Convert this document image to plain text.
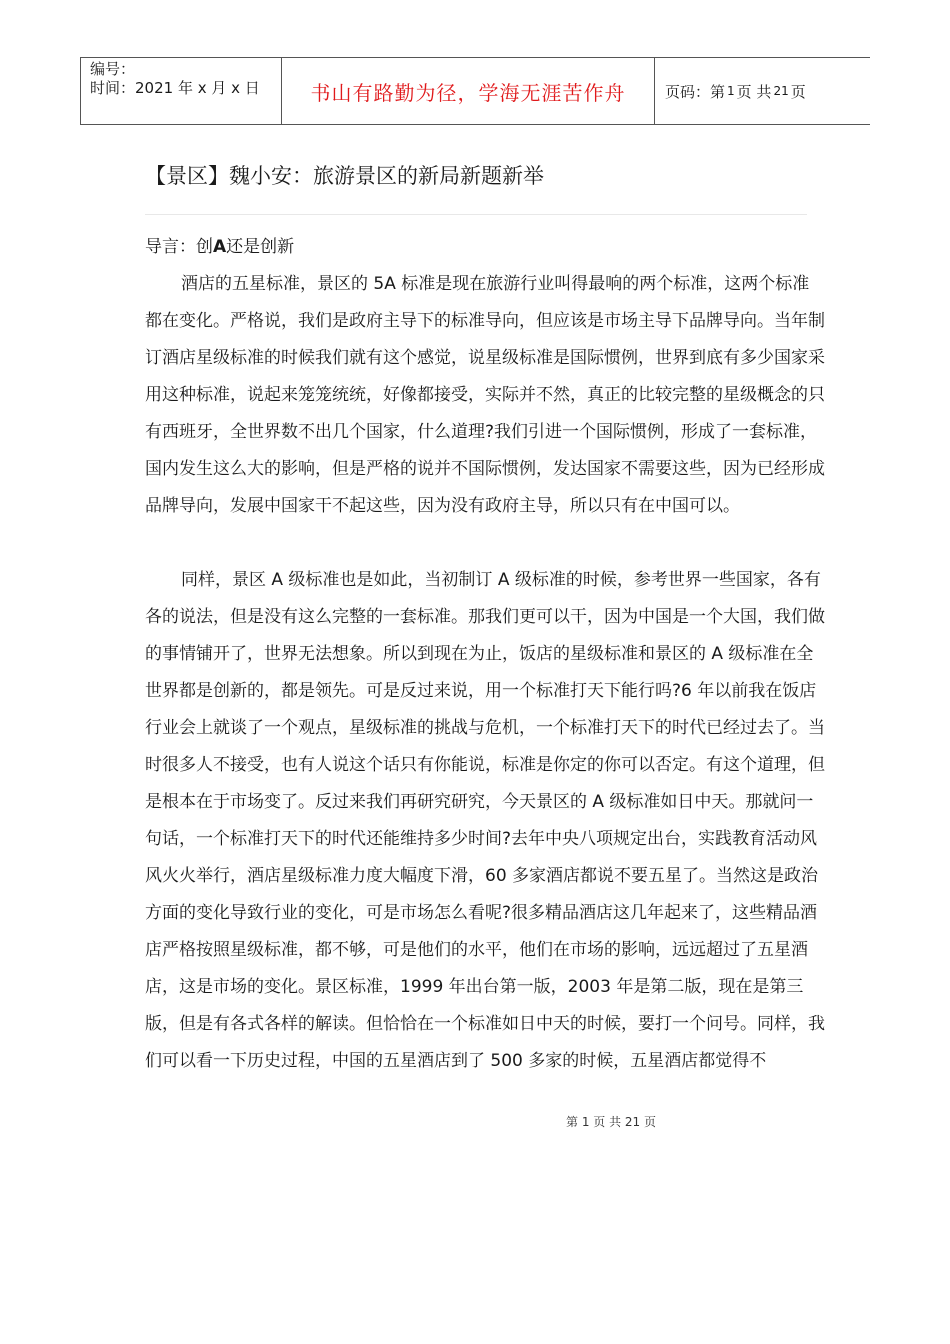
编号：
时间：2021 年 x 月 x 日	书山有路勤为径，学海无涯苦作舟	页码：第 1 页 共 21 页
【景区】魏小安：旅游景区的新局新题新举

导言：创A还是创新

酒店的五星标准，景区的 5A 标准是现在旅游行业叫得最响的两个标准，这两个标准都在变化。严格说，我们是政府主导下的标准导向，但应该是市场主导下品牌导向。当年制订酒店星级标准的时候我们就有这个感觉，说星级标准是国际惯例，世界到底有多少国家采用这种标准，说起来笼笼统统，好像都接受，实际并不然，真正的比较完整的星级概念的只有西班牙，全世界数不出几个国家，什么道理?我们引进一个国际惯例，形成了一套标准，国内发生这么大的影响，但是严格的说并不国际惯例，发达国家不需要这些，因为已经形成品牌导向，发展中国家干不起这些，因为没有政府主导，所以只有在中国可以。

同样，景区 A 级标准也是如此，当初制订 A 级标准的时候，参考世界一些国家，各有各的说法，但是没有这么完整的一套标准。那我们更可以干，因为中国是一个大国，我们做的事情铺开了，世界无法想象。所以到现在为止，饭店的星级标准和景区的 A 级标准在全世界都是创新的，都是领先。可是反过来说，用一个标准打天下能行吗?6 年以前我在饭店行业会上就谈了一个观点，星级标准的挑战与危机，一个标准打天下的时代已经过去了。当时很多人不接受，也有人说这个话只有你能说，标准是你定的你可以否定。有这个道理，但是根本在于市场变了。反过来我们再研究研究，今天景区的 A 级标准如日中天。那就问一句话，一个标准打天下的时代还能维持多少时间?去年中央八项规定出台，实践教育活动风风火火举行，酒店星级标准力度大幅度下滑，60 多家酒店都说不要五星了。当然这是政治方面的变化导致行业的变化，可是市场怎么看呢?很多精品酒店这几年起来了，这些精品酒店严格按照星级标准，都不够，可是他们的水平，他们在市场的影响，远远超过了五星酒店，这是市场的变化。景区标准，1999 年出台第一版，2003 年是第二版，现在是第三版，但是有各式各样的解读。但恰恰在一个标准如日中天的时候，要打一个问号。同样，我们可以看一下历史过程，中国的五星酒店到了 500 多家的时候，五星酒店都觉得不

第 1 页 共 21 页
